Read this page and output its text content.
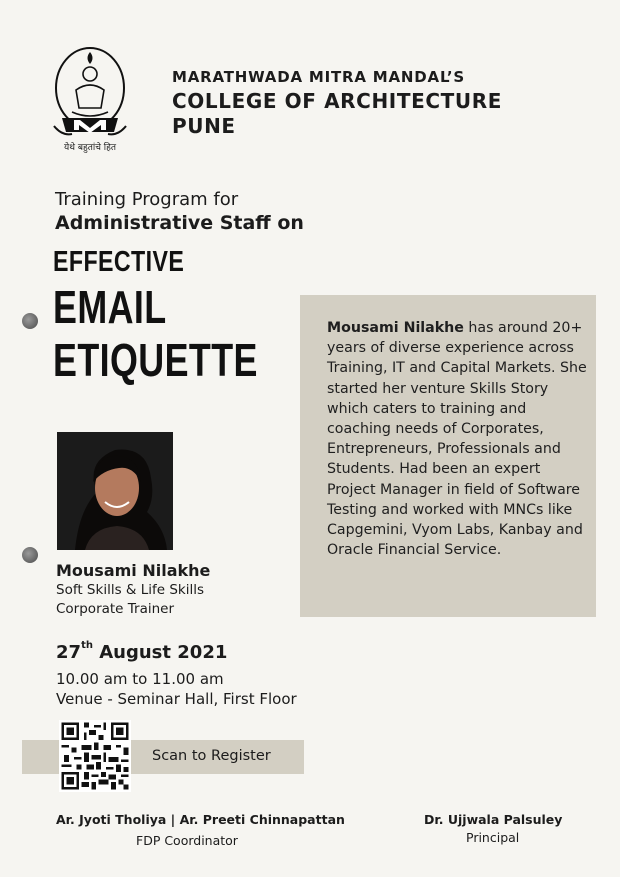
येथे बहुतांचे हित
MARATHWADA MITRA MANDAL’S
COLLEGE OF ARCHITECTURE
PUNE
Training Program for
Administrative Staff on
EFFECTIVE
EMAIL
ETIQUETTE
Mousami Nilakhe has around 20+ years of diverse experience across Training, IT and Capital Markets. She started her venture Skills Story which caters to training and coaching needs of Corporates, Entrepreneurs, Professionals and Students. Had been an expert Project Manager in field of Software Testing and worked with MNCs like Capgemini, Vyom Labs, Kanbay and Oracle Financial Service.
Mousami Nilakhe
Soft Skills & Life Skills
Corporate Trainer
27th August 2021
10.00 am to 11.00 am
Venue - Seminar Hall, First Floor
Scan to Register
Ar. Jyoti Tholiya | Ar. Preeti Chinnapattan
FDP Coordinator
Dr. Ujjwala Palsuley
Principal
